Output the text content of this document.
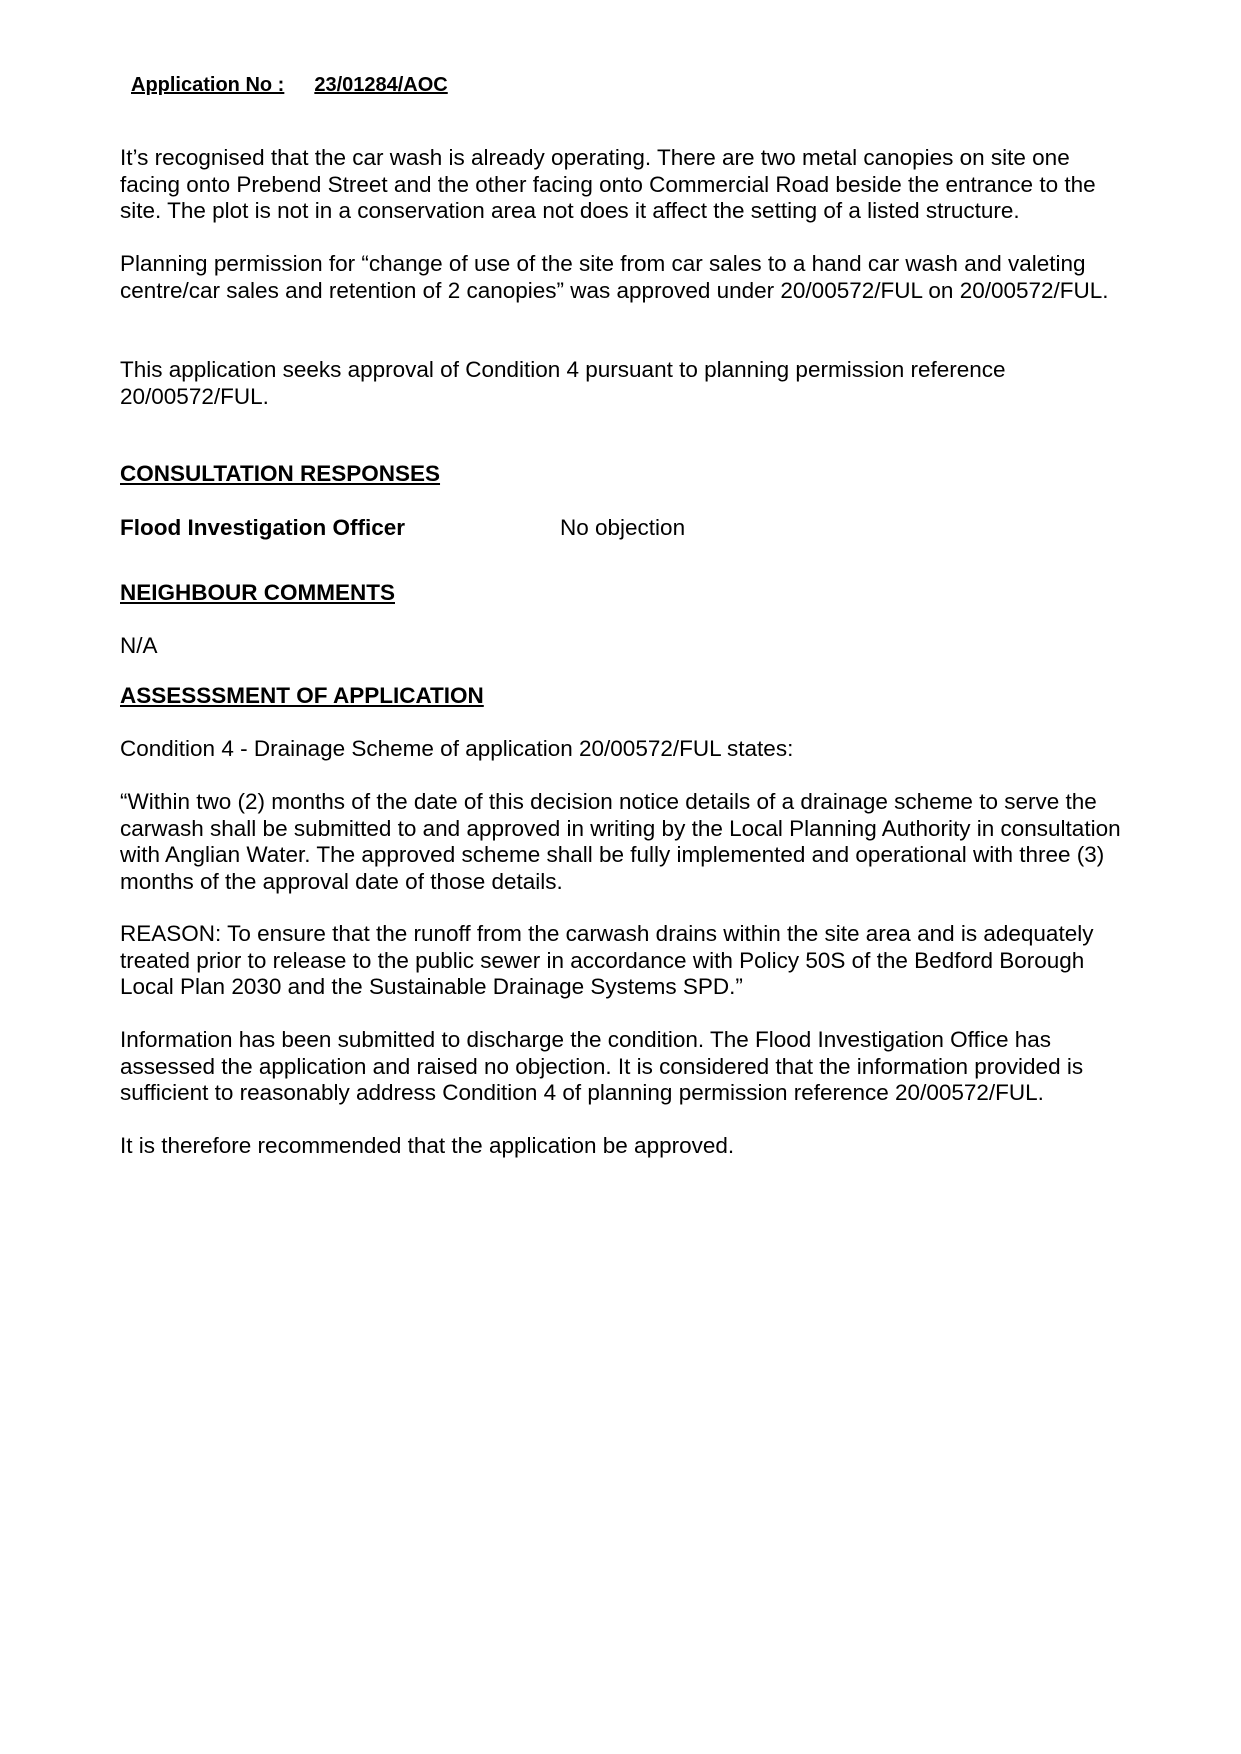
Application No : 23/01284/AOC

It’s recognised that the car wash is already operating. There are two metal canopies on site one facing onto Prebend Street and the other facing onto Commercial Road beside the entrance to the site. The plot is not in a conservation area not does it affect the setting of a listed structure.

Planning permission for “change of use of the site from car sales to a hand car wash and valeting centre/car sales and retention of 2 canopies” was approved under 20/00572/FUL on 20/00572/FUL.

This application seeks approval of Condition 4 pursuant to planning permission reference 20/00572/FUL.

CONSULTATION RESPONSES
Flood Investigation Officer	No objection
NEIGHBOUR COMMENTS

N/A

ASSESSSMENT OF APPLICATION

Condition 4 - Drainage Scheme of application 20/00572/FUL states:

“Within two (2) months of the date of this decision notice details of a drainage scheme to serve the carwash shall be submitted to and approved in writing by the Local Planning Authority in consultation with Anglian Water. The approved scheme shall be fully implemented and operational with three (3) months of the approval date of those details.

REASON: To ensure that the runoff from the carwash drains within the site area and is adequately treated prior to release to the public sewer in accordance with Policy 50S of the Bedford Borough Local Plan 2030 and the Sustainable Drainage Systems SPD.”

Information has been submitted to discharge the condition. The Flood Investigation Office has assessed the application and raised no objection. It is considered that the information provided is sufficient to reasonably address Condition 4 of planning permission reference 20/00572/FUL.

It is therefore recommended that the application be approved.
